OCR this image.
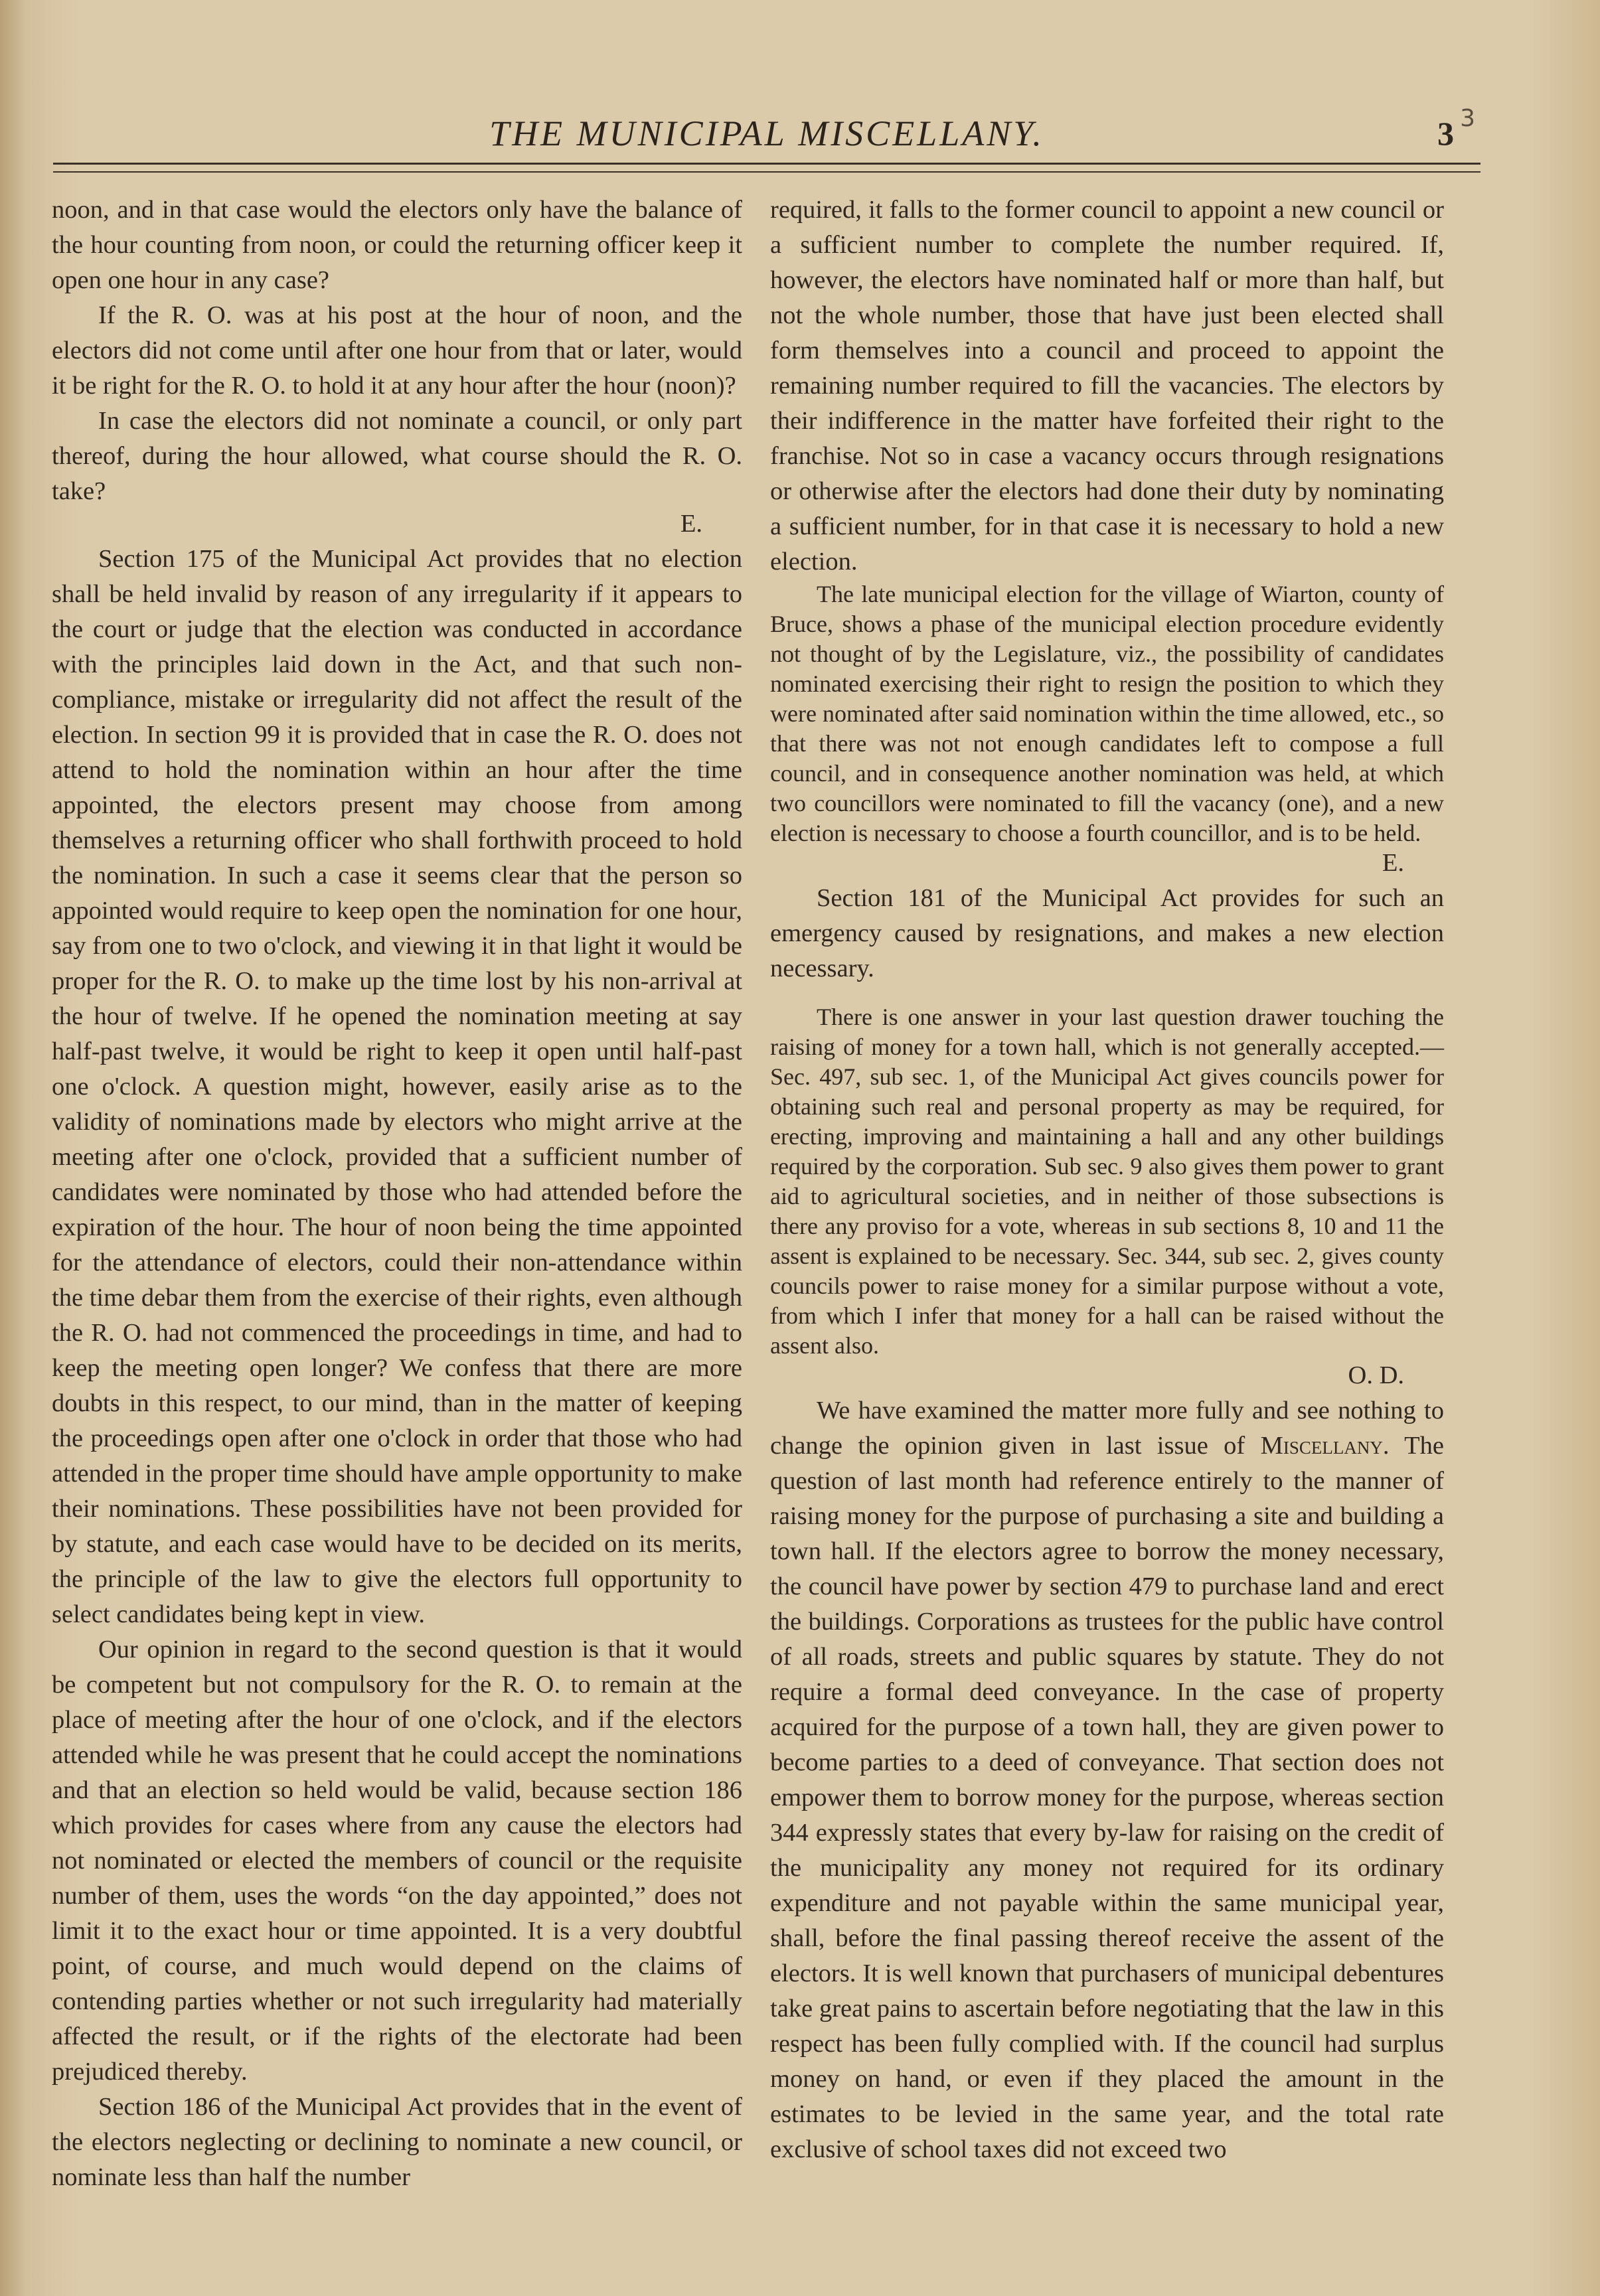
THE MUNICIPAL MISCELLANY.	3 3

noon, and in that case would the electors only have the balance of the hour counting from noon, or could the returning officer keep it open one hour in any case?

If the R. O. was at his post at the hour of noon, and the electors did not come until after one hour from that or later, would it be right for the R. O. to hold it at any hour after the hour (noon)?

In case the electors did not nominate a council, or only part thereof, during the hour allowed, what course should the R. O. take?

E.

Section 175 of the Municipal Act provides that no election shall be held invalid by reason of any irregularity if it appears to the court or judge that the election was conducted in accordance with the principles laid down in the Act, and that such non-compliance, mistake or irregularity did not affect the result of the election. In section 99 it is provided that in case the R. O. does not attend to hold the nomination within an hour after the time appointed, the electors present may choose from among themselves a returning officer who shall forthwith proceed to hold the nomination. In such a case it seems clear that the person so appointed would require to keep open the nomination for one hour, say from one to two o'clock, and viewing it in that light it would be proper for the R. O. to make up the time lost by his non-arrival at the hour of twelve. If he opened the nomination meeting at say half-past twelve, it would be right to keep it open until half-past one o'clock. A question might, however, easily arise as to the validity of nominations made by electors who might arrive at the meeting after one o'clock, provided that a sufficient number of candidates were nominated by those who had attended before the expiration of the hour. The hour of noon being the time appointed for the attendance of electors, could their non-attendance within the time debar them from the exercise of their rights, even although the R. O. had not commenced the proceedings in time, and had to keep the meeting open longer? We confess that there are more doubts in this respect, to our mind, than in the matter of keeping the proceedings open after one o'clock in order that those who had attended in the proper time should have ample opportunity to make their nominations. These possibilities have not been provided for by statute, and each case would have to be decided on its merits, the principle of the law to give the electors full opportunity to select candidates being kept in view.

Our opinion in regard to the second question is that it would be competent but not compulsory for the R. O. to remain at the place of meeting after the hour of one o'clock, and if the electors attended while he was present that he could accept the nominations and that an election so held would be valid, because section 186 which provides for cases where from any cause the electors had not nominated or elected the members of council or the requisite number of them, uses the words “on the day appointed,” does not limit it to the exact hour or time appointed. It is a very doubtful point, of course, and much would depend on the claims of contending parties whether or not such irregularity had materially affected the result, or if the rights of the electorate had been prejudiced thereby.

Section 186 of the Municipal Act provides that in the event of the electors neglecting or declining to nominate a new council, or nominate less than half the number

required, it falls to the former council to appoint a new council or a sufficient number to complete the number required. If, however, the electors have nominated half or more than half, but not the whole number, those that have just been elected shall form themselves into a council and proceed to appoint the remaining number required to fill the vacancies. The electors by their indifference in the matter have forfeited their right to the franchise. Not so in case a vacancy occurs through resignations or otherwise after the electors had done their duty by nominating a sufficient number, for in that case it is necessary to hold a new election.

The late municipal election for the village of Wiarton, county of Bruce, shows a phase of the municipal election procedure evidently not thought of by the Legislature, viz., the possibility of candidates nominated exercising their right to resign the position to which they were nominated after said nomination within the time allowed, etc., so that there was not not enough candidates left to compose a full council, and in consequence another nomination was held, at which two councillors were nominated to fill the vacancy (one), and a new election is necessary to choose a fourth councillor, and is to be held.

E.

Section 181 of the Municipal Act provides for such an emergency caused by resignations, and makes a new election necessary.

There is one answer in your last question drawer touching the raising of money for a town hall, which is not generally accepted.—Sec. 497, sub sec. 1, of the Municipal Act gives councils power for obtaining such real and personal property as may be required, for erecting, improving and maintaining a hall and any other buildings required by the corporation. Sub sec. 9 also gives them power to grant aid to agricultural societies, and in neither of those subsections is there any proviso for a vote, whereas in sub sections 8, 10 and 11 the assent is explained to be necessary. Sec. 344, sub sec. 2, gives county councils power to raise money for a similar purpose without a vote, from which I infer that money for a hall can be raised without the assent also.

O. D.

We have examined the matter more fully and see nothing to change the opinion given in last issue of Miscellany. The question of last month had reference entirely to the manner of raising money for the purpose of purchasing a site and building a town hall. If the electors agree to borrow the money necessary, the council have power by section 479 to purchase land and erect the buildings. Corporations as trustees for the public have control of all roads, streets and public squares by statute. They do not require a formal deed conveyance. In the case of property acquired for the purpose of a town hall, they are given power to become parties to a deed of conveyance. That section does not empower them to borrow money for the purpose, whereas section 344 expressly states that every by-law for raising on the credit of the municipality any money not required for its ordinary expenditure and not payable within the same municipal year, shall, before the final passing thereof receive the assent of the electors. It is well known that purchasers of municipal debentures take great pains to ascertain before negotiating that the law in this respect has been fully complied with. If the council had surplus money on hand, or even if they placed the amount in the estimates to be levied in the same year, and the total rate exclusive of school taxes did not exceed two
